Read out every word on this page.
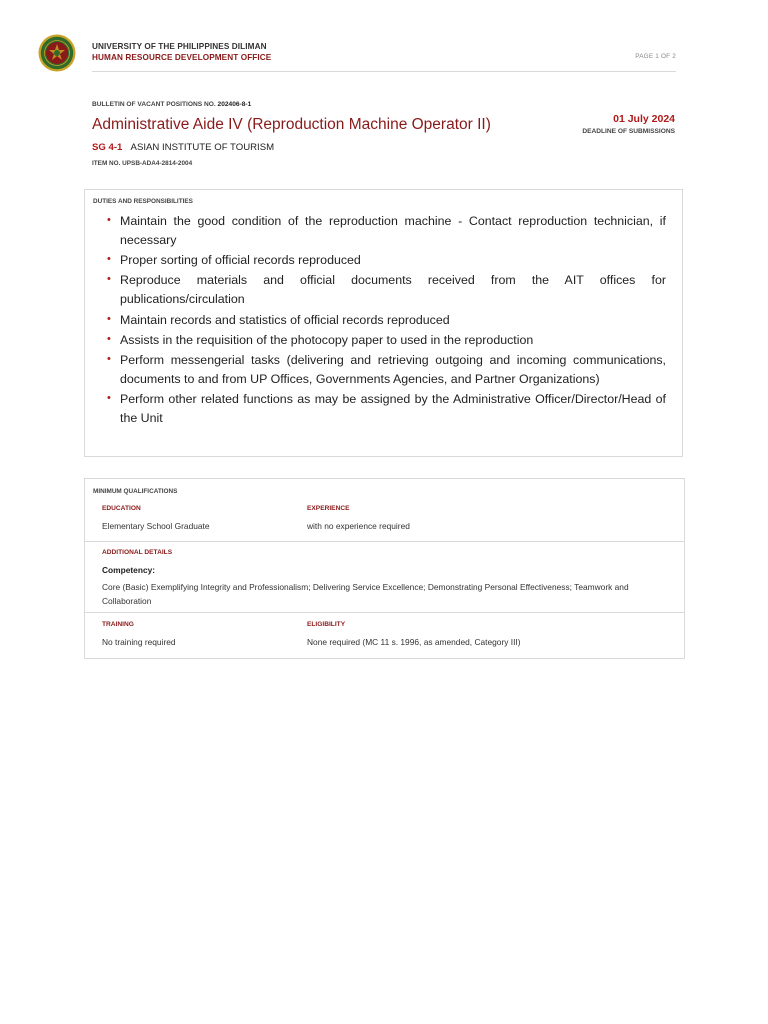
UNIVERSITY OF THE PHILIPPINES DILIMAN
HUMAN RESOURCE DEVELOPMENT OFFICE	PAGE 1 OF 2
BULLETIN OF VACANT POSITIONS NO. 202406-8-1
Administrative Aide IV (Reproduction Machine Operator II)	01 July 2024
DEADLINE OF SUBMISSIONS
SG 4-1 ASIAN INSTITUTE OF TOURISM
ITEM NO. UPSB-ADA4-2814-2004
DUTIES AND RESPONSIBILITIES
• Maintain the good condition of the reproduction machine - Contact reproduction technician, if necessary
• Proper sorting of official records reproduced
• Reproduce materials and official documents received from the AIT offices for publications/circulation
• Maintain records and statistics of official records reproduced
• Assists in the requisition of the photocopy paper to used in the reproduction
• Perform messengerial tasks (delivering and retrieving outgoing and incoming communications, documents to and from UP Offices, Governments Agencies, and Partner Organizations)
• Perform other related functions as may be assigned by the Administrative Officer/Director/Head of the Unit
MINIMUM QUALIFICATIONS
EDUCATION
Elementary School Graduate
EXPERIENCE
with no experience required
ADDITIONAL DETAILS
Competency:
Core (Basic) Exemplifying Integrity and Professionalism; Delivering Service Excellence; Demonstrating Personal Effectiveness; Teamwork and Collaboration
TRAINING
No training required
ELIGIBILITY
None required (MC 11 s. 1996, as amended, Category III)
